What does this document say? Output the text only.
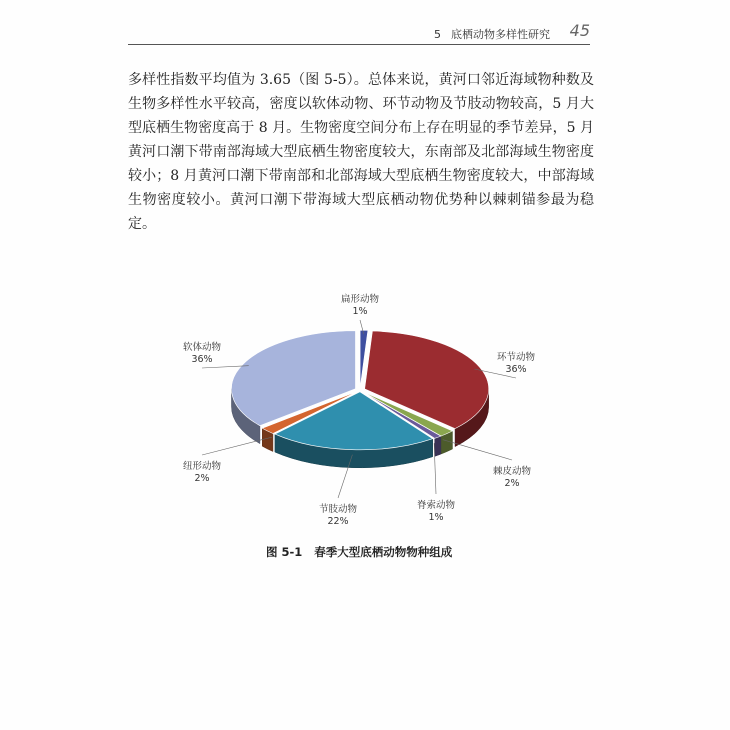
5 底栖动物多样性研究 45

多样性指数平均值为 3.65（图 5-5）。总体来说，黄河口邻近海域物种数及生物多样性水平较高，密度以软体动物、环节动物及节肢动物较高，5 月大型底栖生物密度高于 8 月。生物密度空间分布上存在明显的季节差异，5 月黄河口潮下带南部海域大型底栖生物密度较大，东南部及北部海域生物密度较小；8 月黄河口潮下带南部和北部海域大型底栖生物密度较大，中部海域生物密度较小。黄河口潮下带海域大型底栖动物优势种以棘刺锚参最为稳定。

扁形动物
1%
环节动物
36%
棘皮动物
2%
脊索动物
1%
节肢动物
22%
纽形动物
2%
软体动物
36%
图 5-1 春季大型底栖动物物种组成
